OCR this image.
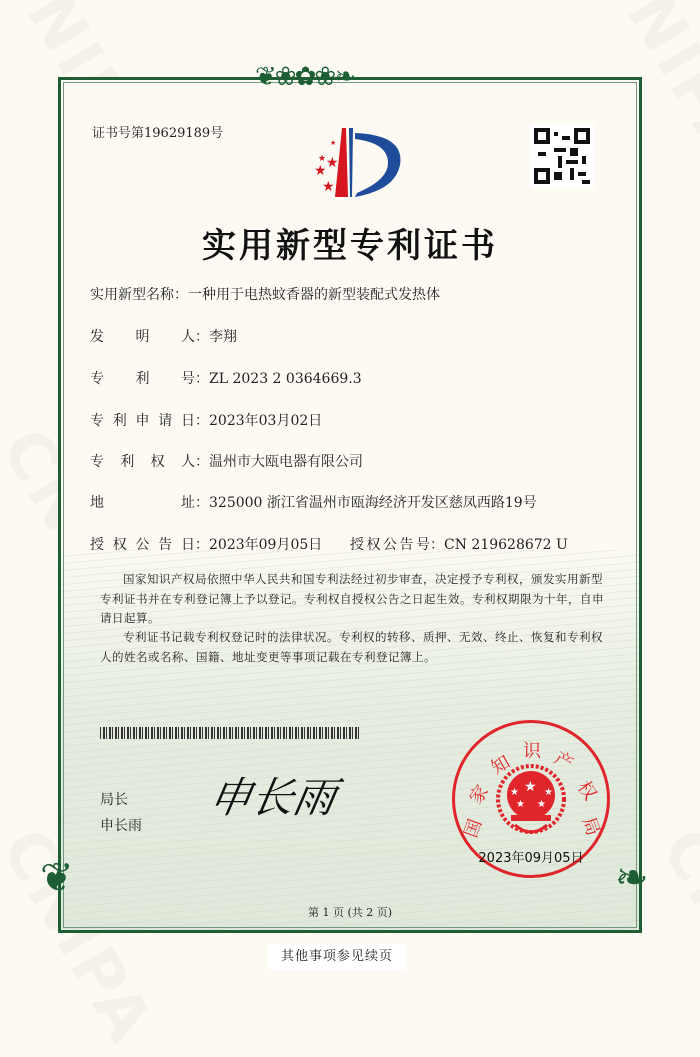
❦❀✿❀❧
❦	❧
证书号第19629189号
★
★
★
★
★
实用新型专利证书
实用新型名称：一种用于电热蚊香器的新型装配式发热体
发明人：李翔
专利号：ZL 2023 2 0364669.3
专利申请日：2023年03月02日
专利权人：温州市大瓯电器有限公司
地址：325000 浙江省温州市瓯海经济开发区慈凤西路19号
授权公告日：2023年09月05日 授权公告号：CN 219628672 U
国家知识产权局依照中华人民共和国专利法经过初步审查，决定授予专利权，颁发实用新型专利证书并在专利登记簿上予以登记。专利权自授权公告之日起生效。专利权期限为十年，自申请日起算。
专利证书记载专利权登记时的法律状况。专利权的转移、质押、无效、终止、恢复和专利权人的姓名或名称、国籍、地址变更等事项记载在专利登记簿上。
局长
申长雨
申长雨
国
家
知
识 产
权
局
★
★	★
★ ★
2023年09月05日
第 1 页 (共 2 页)
其他事项参见续页
